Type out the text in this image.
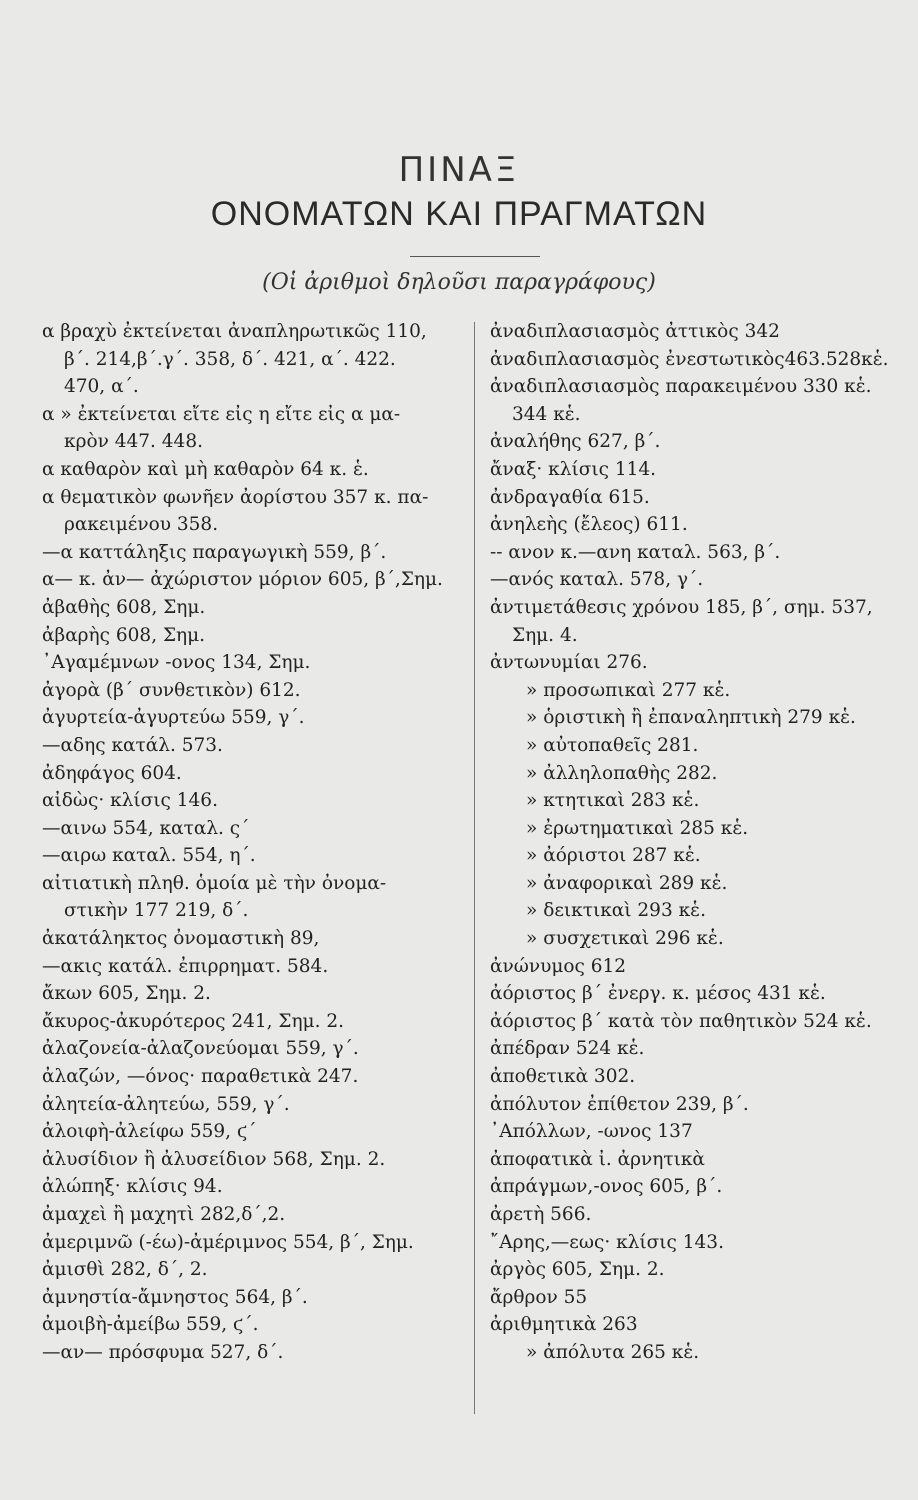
ΠΙΝΑΞ
ΟΝΟΜΑΤΩΝ ΚΑΙ ΠΡΑΓΜΑΤΩΝ
(Οἱ ἀριθμοὶ δηλοῦσι παραγράφους)
α βραχὺ ἐκτείνεται ἀναπληρωτικῶς 110,
β΄. 214,β΄.γ΄. 358, δ΄. 421, α΄. 422.
470, α΄.
α » ἐκτείνεται εἴτε εἰς η εἴτε εἰς α μα-
κρὸν 447. 448.
α καθαρὸν καὶ μὴ καθαρὸν 64 κ. ἑ.
α θεματικὸν φωνῆεν ἀορίστου 357 κ. πα-
ρακειμένου 358.
—α καττάληξις παραγωγικὴ 559, β΄.
α— κ. ἀν— ἀχώριστον μόριον 605, β΄,Σημ.
ἀβαθὴς 608, Σημ.
ἀβαρὴς 608, Σημ.
᾿Αγαμέμνων -ονος 134, Σημ.
ἀγορὰ (β΄ συνθετικὸν) 612.
ἀγυρτεία-ἀγυρτεύω 559, γ΄.
—αδης κατάλ. 573.
ἀδηφάγος 604.
αἰδὼς· κλίσις 146.
—αινω 554, καταλ. ς΄
—αιρω καταλ. 554, η΄.
αἰτιατικὴ πληθ. ὁμοία μὲ τὴν ὀνομα-
στικὴν 177 219, δ΄.
ἀκατάληκτος ὀνομαστικὴ 89,
—ακις κατάλ. ἐπιρρηματ. 584.
ἄκων 605, Σημ. 2.
ἄκυρος-ἀκυρότερος 241, Σημ. 2.
ἀλαζονεία-ἀλαζονεύομαι 559, γ΄.
ἀλαζών, —όνος· παραθετικὰ 247.
ἀλητεία-ἀλητεύω, 559, γ΄.
ἀλοιφὴ-ἀλείφω 559, ϛ΄
ἀλυσίδιον ἢ ἀλυσείδιον 568, Σημ. 2.
ἀλώπηξ· κλίσις 94.
ἀμαχεὶ ἢ μαχητὶ 282,δ΄,2.
ἀμεριμνῶ (-έω)-ἀμέριμνος 554, β΄, Σημ.
ἀμισθὶ 282, δ΄, 2.
ἀμνηστία-ἄμνηστος 564, β΄.
ἀμοιβὴ-ἀμείβω 559, ϛ΄.
—αν— πρόσφυμα 527, δ΄.
ἀναδιπλασιασμὸς ἀττικὸς 342
ἀναδιπλασιασμὸς ἐνεστωτικὸς463.528κἑ.
ἀναδιπλασιασμὸς παρακειμένου 330 κἑ.
344 κἑ.
ἀναλήθης 627, β΄.
ἄναξ· κλίσις 114.
ἀνδραγαθία 615.
ἀνηλεὴς (ἔλεος) 611.
-- ανον κ.—ανη καταλ. 563, β΄.
—ανός καταλ. 578, γ΄.
ἀντιμετάθεσις χρόνου 185, β΄, σημ. 537,
Σημ. 4.
ἀντωνυμίαι 276.
» προσωπικαὶ 277 κἑ.
» ὁριστικὴ ἢ ἐπαναληπτικὴ 279 κἑ.
» αὐτοπαθεῖς 281.
» ἀλληλοπαθὴς 282.
» κτητικαὶ 283 κἑ.
» ἐρωτηματικαὶ 285 κἑ.
» ἀόριστοι 287 κἑ.
» ἀναφορικαὶ 289 κἑ.
» δεικτικαὶ 293 κἑ.
» συσχετικαὶ 296 κἑ.
ἀνώνυμος 612
ἀόριστος β΄ ἐνεργ. κ. μέσος 431 κἑ.
ἀόριστος β΄ κατὰ τὸν παθητικὸν 524 κἑ.
ἀπέδραν 524 κἑ.
ἀποθετικὰ 302.
ἀπόλυτον ἐπίθετον 239, β΄.
᾿Απόλλων, -ωνος 137
ἀποφατικὰ ἰ. ἀρνητικὰ
ἀπράγμων,-ονος 605, β΄.
ἀρετὴ 566.
῎Αρης,—εως· κλίσις 143.
ἀργὸς 605, Σημ. 2.
ἄρθρον 55
ἀριθμητικὰ 263
» ἀπόλυτα 265 κἑ.
